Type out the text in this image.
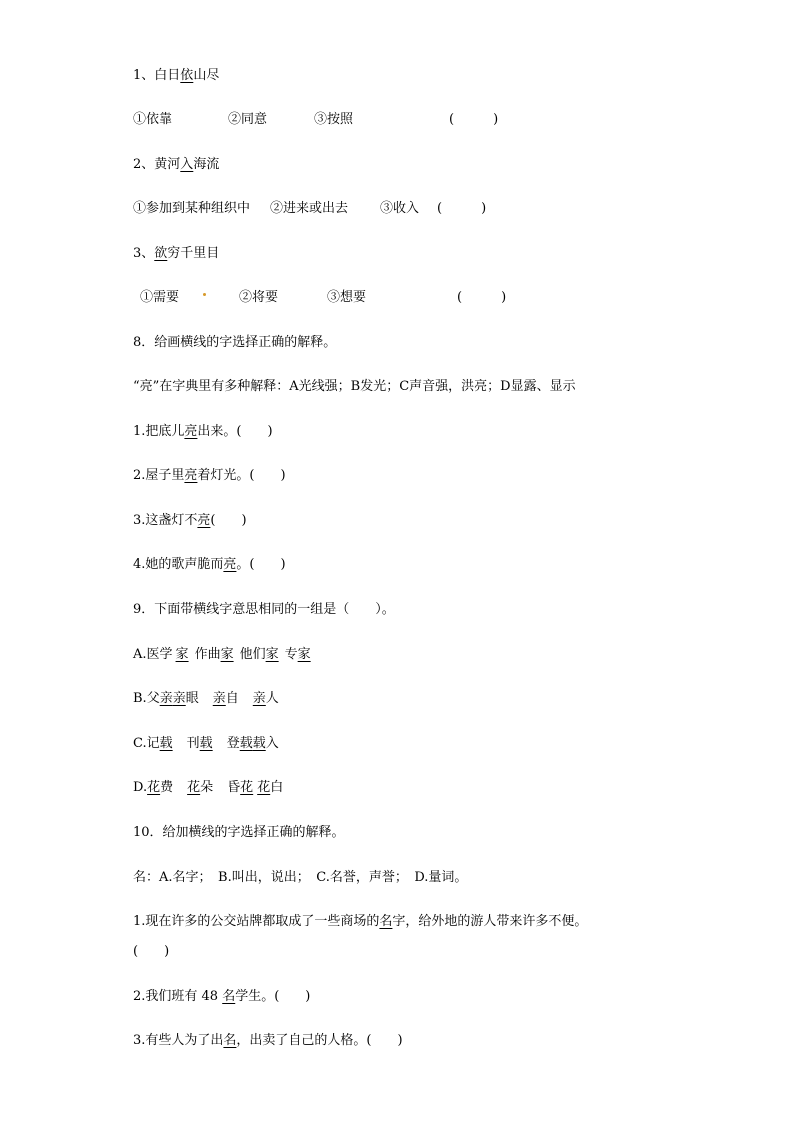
1、白日依山尽
①依靠	②同意	③按照	(　　　)
2、黄河入海流
①参加到某种组织中 ②进来或出去 ③收入 (　　　)
3、欲穷千里目
①需要	②将要	③想要	(　　　)
8．给画横线的字选择正确的解释。
“亮”在字典里有多种解释：A光线强；B发光；C声音强，洪亮；D显露、显示
1.把底儿亮出来。(　　)
2.屋子里亮着灯光。(　　)
3.这盏灯不亮(　　)
4.她的歌声脆而亮。(　　)
9．下面带横线字意思相同的一组是（　　）。
A.医学 家 作曲家 他们家 专家
B.父亲亲眼 亲自 亲人
C.记载 刊载 登载载入
D.花费 花朵 昏花 花白
10．给加横线的字选择正确的解释。
名：A.名字；　B.叫出，说出；　C.名誉，声誉；　D.量词。
1.现在许多的公交站牌都取成了一些商场的名字，给外地的游人带来许多不便。
(　　)
2.我们班有 48 名学生。(　　)
3.有些人为了出名，出卖了自己的人格。(　　)
